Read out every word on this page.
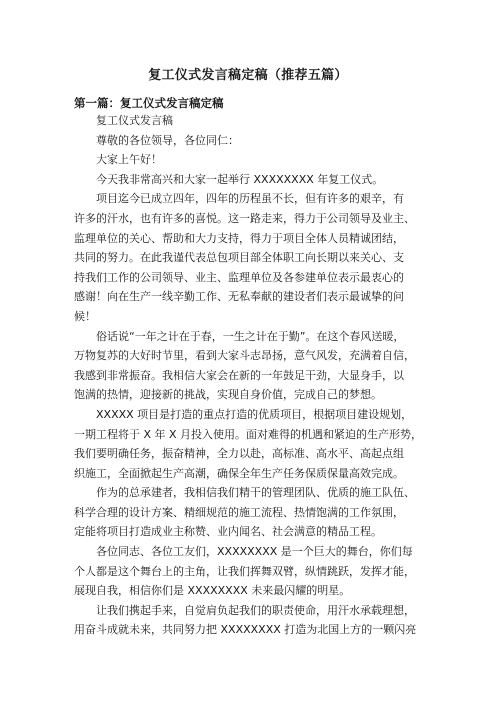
复工仪式发言稿定稿（推荐五篇）
第一篇：复工仪式发言稿定稿

复工仪式发言稿

尊敬的各位领导，各位同仁：

大家上午好！

今天我非常高兴和大家一起举行 XXXXXXXX 年复工仪式。

项目迄今已成立四年，四年的历程虽不长，但有许多的艰辛，有

许多的汗水，也有许多的喜悦。这一路走来，得力于公司领导及业主、

监理单位的关心、帮助和大力支持，得力于项目全体人员精诚团结，

共同的努力。在此我谨代表总包项目部全体职工向长期以来关心、支

持我们工作的公司领导、业主、监理单位及各参建单位表示最衷心的

感谢！向在生产一线辛勤工作、无私奉献的建设者们表示最诚挚的问

候！

俗话说“一年之计在于春，一生之计在于勤”。在这个春风送暖，

万物复苏的大好时节里，看到大家斗志昂扬，意气风发，充满着自信，

我感到非常振奋。我相信大家会在新的一年鼓足干劲，大显身手，以

饱满的热情，迎接新的挑战，实现自身价值，完成自己的梦想。

XXXXX 项目是打造的重点打造的优质项目，根据项目建设规划，

一期工程将于 X 年 X 月投入使用。面对难得的机遇和紧迫的生产形势，

我们要明确任务，振奋精神，全力以赴，高标准、高水平、高起点组

织施工，全面掀起生产高潮，确保全年生产任务保质保量高效完成。

作为的总承建者，我相信我们精干的管理团队、优质的施工队伍、

科学合理的设计方案、精细规范的施工流程、热情饱满的工作氛围，

定能将项目打造成业主称赞、业内闻名、社会满意的精品工程。

各位同志、各位工友们，XXXXXXXX 是一个巨大的舞台，你们每

个人都是这个舞台上的主角，让我们挥舞双臂，纵情跳跃，发挥才能，

展现自我，相信你们是 XXXXXXXX 未来最闪耀的明星。

让我们携起手来，自觉肩负起我们的职责使命，用汗水承载理想，

用奋斗成就未来，共同努力把 XXXXXXXX 打造为北国上方的一颗闪亮
